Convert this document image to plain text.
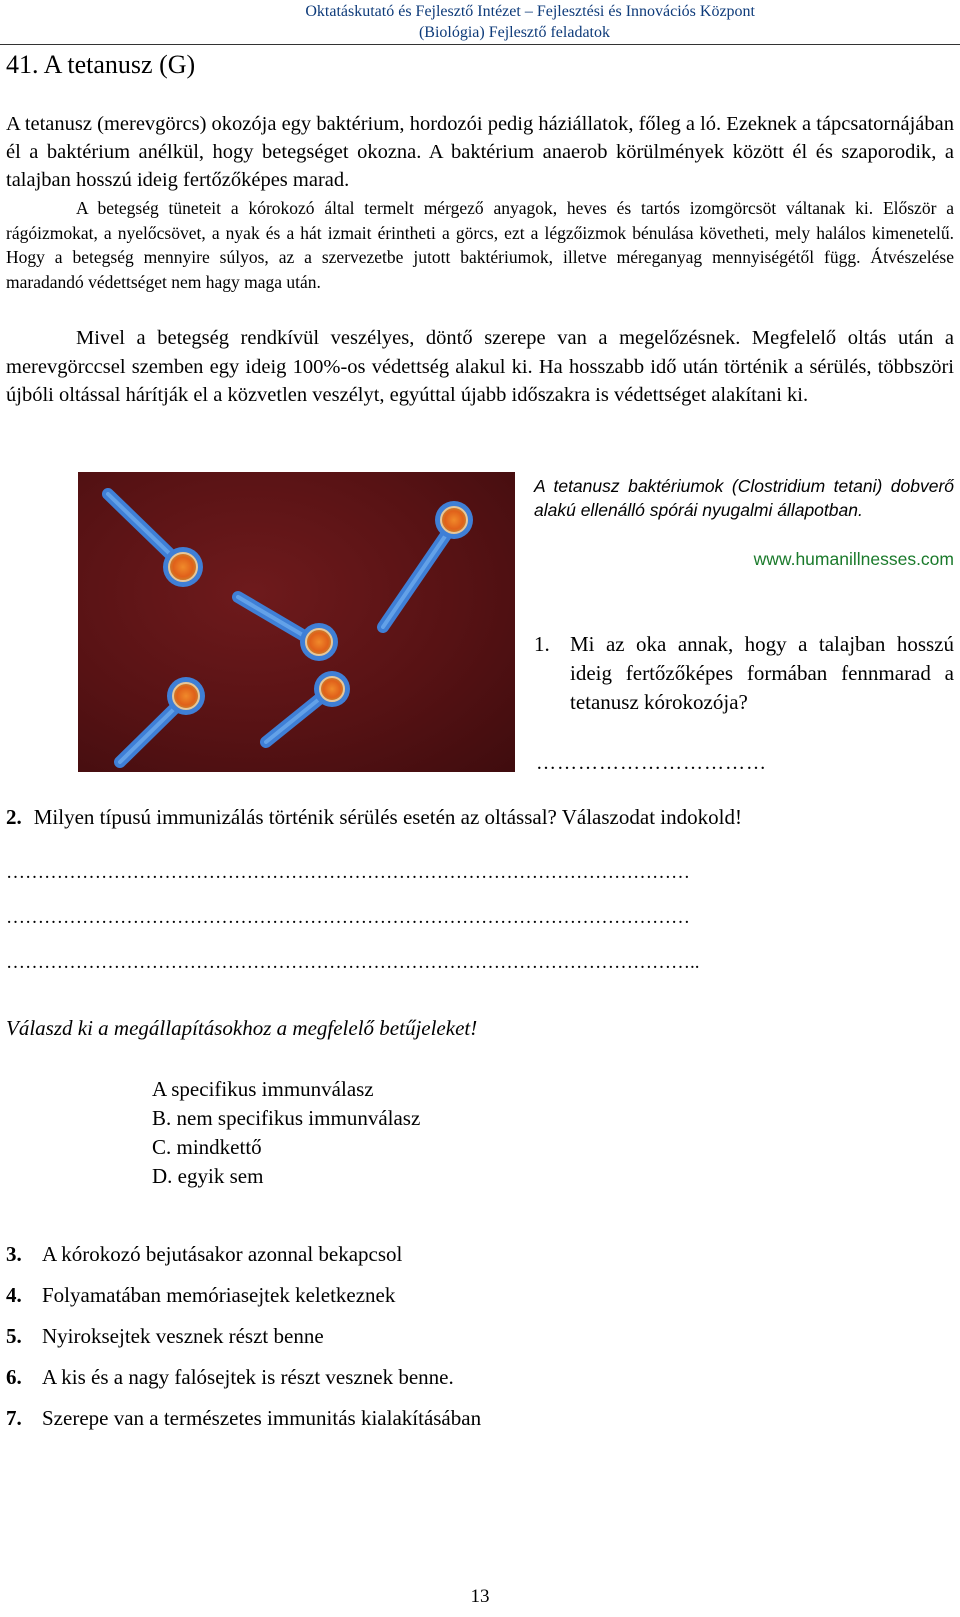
Oktatáskutató és Fejlesztő Intézet – Fejlesztési és Innovációs Központ
(Biológia) Fejlesztő feladatok
41. A tetanusz (G)

A tetanusz (merevgörcs) okozója egy baktérium, hordozói pedig háziállatok, főleg a ló. Ezeknek a tápcsatornájában él a baktérium anélkül, hogy betegséget okozna. A baktérium anaerob körülmények között él és szaporodik, a talajban hosszú ideig fertőzőképes marad.

A betegség tüneteit a kórokozó által termelt mérgező anyagok, heves és tartós izomgörcsöt váltanak ki. Először a rágóizmokat, a nyelőcsövet, a nyak és a hát izmait érintheti a görcs, ezt a légzőizmok bénulása követheti, mely halálos kimenetelű. Hogy a betegség mennyire súlyos, az a szervezetbe jutott baktériumok, illetve méreganyag mennyiségétől függ. Átvészelése maradandó védettséget nem hagy maga után.

Mivel a betegség rendkívül veszélyes, döntő szerepe van a megelőzésnek. Megfelelő oltás után a merevgörccsel szemben egy ideig 100%-os védettség alakul ki. Ha hosszabb idő után történik a sérülés, többszöri újbóli oltással hárítják el a közvetlen veszélyt, egyúttal újabb időszakra is védettséget alakítani ki.

A tetanusz baktériumok (Clostridium tetani) dobverő alakú ellenálló spórái nyugalmi állapotban.
www.humanillnesses.com
1. Mi az oka annak, hogy a talajban hosszú ideig fertőzőképes formában fennmarad a tetanusz kórokozója?
……………………………
2. Milyen típusú immunizálás történik sérülés esetén az oltással? Válaszodat indokold!
………………………………………………………………………………………………
………………………………………………………………………………………………
………………………………………………………………………………………………..
Válaszd ki a megállapításokhoz a megfelelő betűjeleket!
A specifikus immunválasz
B. nem specifikus immunválasz
C. mindkettő
D. egyik sem
3. A kórokozó bejutásakor azonnal bekapcsol
4. Folyamatában memóriasejtek keletkeznek
5. Nyiroksejtek vesznek részt benne
6. A kis és a nagy falósejtek is részt vesznek benne.
7. Szerepe van a természetes immunitás kialakításában
13
